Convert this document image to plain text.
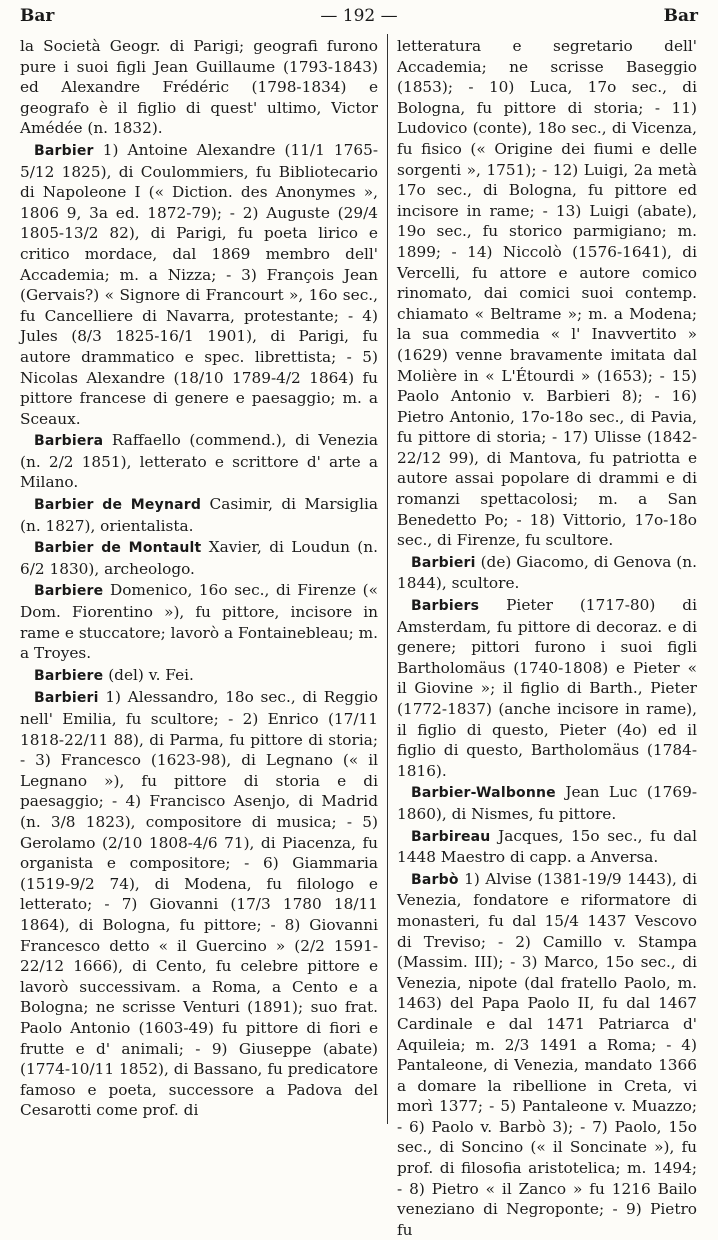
Bar	— 192 —	Bar

la Società Geogr. di Parigi; geografi furono pure i suoi figli Jean Guillaume (1793-1843) ed Alexandre Frédéric (1798-1834) e geografo è il figlio di quest' ultimo, Victor Amédée (n. 1832).

Barbier 1) Antoine Alexandre (11/1 1765-5/12 1825), di Coulommiers, fu Bibliotecario di Napoleone I (« Diction. des Anonymes », 1806 9, 3a ed. 1872-79); - 2) Auguste (29/4 1805-13/2 82), di Parigi, fu poeta lirico e critico mordace, dal 1869 membro dell' Accademia; m. a Nizza; - 3) François Jean (Gervais?) « Signore di Francourt », 16o sec., fu Cancelliere di Navarra, protestante; - 4) Jules (8/3 1825-16/1 1901), di Parigi, fu autore drammatico e spec. librettista; - 5) Nicolas Alexandre (18/10 1789-4/2 1864) fu pittore francese di genere e paesaggio; m. a Sceaux.

Barbiera Raffaello (commend.), di Venezia (n. 2/2 1851), letterato e scrittore d' arte a Milano.

Barbier de Meynard Casimir, di Marsiglia (n. 1827), orientalista.

Barbier de Montault Xavier, di Loudun (n. 6/2 1830), archeologo.

Barbiere Domenico, 16o sec., di Firenze (« Dom. Fiorentino »), fu pittore, incisore in rame e stuccatore; lavorò a Fontainebleau; m. a Troyes.

Barbiere (del) v. Fei.

Barbieri 1) Alessandro, 18o sec., di Reggio nell' Emilia, fu scultore; - 2) Enrico (17/11 1818-22/11 88), di Parma, fu pittore di storia; - 3) Francesco (1623-98), di Legnano (« il Legnano »), fu pittore di storia e di paesaggio; - 4) Francisco Asenjo, di Madrid (n. 3/8 1823), compositore di musica; - 5) Gerolamo (2/10 1808-4/6 71), di Piacenza, fu organista e compositore; - 6) Giammaria (1519-9/2 74), di Modena, fu filologo e letterato; - 7) Giovanni (17/3 1780 18/11 1864), di Bologna, fu pittore; - 8) Giovanni Francesco detto « il Guercino » (2/2 1591-22/12 1666), di Cento, fu celebre pittore e lavorò successivam. a Roma, a Cento e a Bologna; ne scrisse Venturi (1891); suo frat. Paolo Antonio (1603-49) fu pittore di fiori e frutte e d' animali; - 9) Giuseppe (abate) (1774-10/11 1852), di Bassano, fu predicatore famoso e poeta, successore a Padova del Cesarotti come prof. di

letteratura e segretario dell' Accademia; ne scrisse Baseggio (1853); - 10) Luca, 17o sec., di Bologna, fu pittore di storia; - 11) Ludovico (conte), 18o sec., di Vicenza, fu fisico (« Origine dei fiumi e delle sorgenti », 1751); - 12) Luigi, 2a metà 17o sec., di Bologna, fu pittore ed incisore in rame; - 13) Luigi (abate), 19o sec., fu storico parmigiano; m. 1899; - 14) Niccolò (1576-1641), di Vercelli, fu attore e autore comico rinomato, dai comici suoi contemp. chiamato « Beltrame »; m. a Modena; la sua commedia « l' Inavvertito » (1629) venne bravamente imitata dal Molière in « L'Étourdi » (1653); - 15) Paolo Antonio v. Barbieri 8); - 16) Pietro Antonio, 17o-18o sec., di Pavia, fu pittore di storia; - 17) Ulisse (1842-22/12 99), di Mantova, fu patriotta e autore assai popolare di drammi e di romanzi spettacolosi; m. a San Benedetto Po; - 18) Vittorio, 17o-18o sec., di Firenze, fu scultore.

Barbieri (de) Giacomo, di Genova (n. 1844), scultore.

Barbiers Pieter (1717-80) di Amsterdam, fu pittore di decoraz. e di genere; pittori furono i suoi figli Bartholomäus (1740-1808) e Pieter « il Giovine »; il figlio di Barth., Pieter (1772-1837) (anche incisore in rame), il figlio di questo, Pieter (4o) ed il figlio di questo, Bartholomäus (1784-1816).

Barbier-Walbonne Jean Luc (1769-1860), di Nismes, fu pittore.

Barbireau Jacques, 15o sec., fu dal 1448 Maestro di capp. a Anversa.

Barbò 1) Alvise (1381-19/9 1443), di Venezia, fondatore e riformatore di monasteri, fu dal 15/4 1437 Vescovo di Treviso; - 2) Camillo v. Stampa (Massim. III); - 3) Marco, 15o sec., di Venezia, nipote (dal fratello Paolo, m. 1463) del Papa Paolo II, fu dal 1467 Cardinale e dal 1471 Patriarca d' Aquileia; m. 2/3 1491 a Roma; - 4) Pantaleone, di Venezia, mandato 1366 a domare la ribellione in Creta, vi morì 1377; - 5) Pantaleone v. Muazzo; - 6) Paolo v. Barbò 3); - 7) Paolo, 15o sec., di Soncino (« il Soncinate »), fu prof. di filosofia aristotelica; m. 1494; - 8) Pietro « il Zanco » fu 1216 Bailo veneziano di Negroponte; - 9) Pietro fu
